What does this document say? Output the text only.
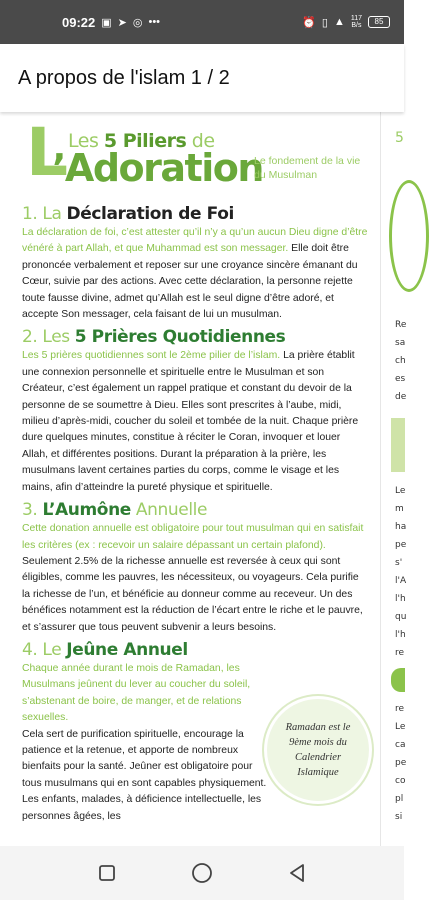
09:22 ▣ ➤ ◎ •••	⏰ ▯ ▲ 117
B/s	85
A propos de l'islam 1 / 2
L Les 5 Piliers de
’Adoration
Le fondement de la vie du Musulman
1. La Déclaration de Foi

La déclaration de foi, c’est attester qu’il n’y a qu’un aucun Dieu digne d’être vénéré à part Allah, et que Muhammad est son messager. Elle doit être prononcée verbalement et reposer sur une croyance sincère émanant du Cœur, suivie par des actions. Avec cette déclaration, la personne rejette toute fausse divine, admet qu’Allah est le seul digne d’être adoré, et accepte Son messager, cela faisant de lui un musulman.

2. Les 5 Prières Quotidiennes

Les 5 prières quotidiennes sont le 2ème pilier de l’islam. La prière établit une connexion personnelle et spirituelle entre le Musulman et son Créateur, c’est également un rappel pratique et constant du devoir de la personne de se soumettre à Dieu. Elles sont prescrites à l’aube, midi, milieu d’après-midi, coucher du soleil et tombée de la nuit. Chaque prière dure quelques minutes, constitue à réciter le Coran, invoquer et louer Allah, et différentes positions. Durant la préparation à la prière, les musulmans lavent certaines parties du corps, comme le visage et les mains, afin d’atteindre la pureté physique et spirituelle.

3. L’Aumône Annuelle

Cette donation annuelle est obligatoire pour tout musulman qui en satisfait les critères (ex : recevoir un salaire dépassant un certain plafond). Seulement 2.5% de la richesse annuelle est reversée à ceux qui sont éligibles, comme les pauvres, les nécessiteux, ou voyageurs. Cela purifie la richesse de l’un, et bénéficie au donneur comme au receveur. Un des bénéfices notamment est la réduction de l’écart entre le riche et le pauvre, et s’assurer que tous peuvent subvenir a leurs besoins.

4. Le Jeûne Annuel

Chaque année durant le mois de Ramadan, les Musulmans jeûnent du lever au coucher du soleil, s’abstenant de boire, de manger, et de relations sexuelles.

Cela sert de purification spirituelle, encourage la patience et la retenue, et apporte de nombreux bienfaits pour la santé. Jeûner est obligatoire pour tous musulmans qui en sont capables physiquement. Les enfants, malades, à déficience intellectuelle, les personnes âgées, les

Ramadan est le 9ème mois du Calendrier Islamique
5
Re
sa
ch
es
de
Le
m
ha
pe
s'
l'A
l'h
qu
l'h
re
re
Le
ca
pe
co
pl
si
